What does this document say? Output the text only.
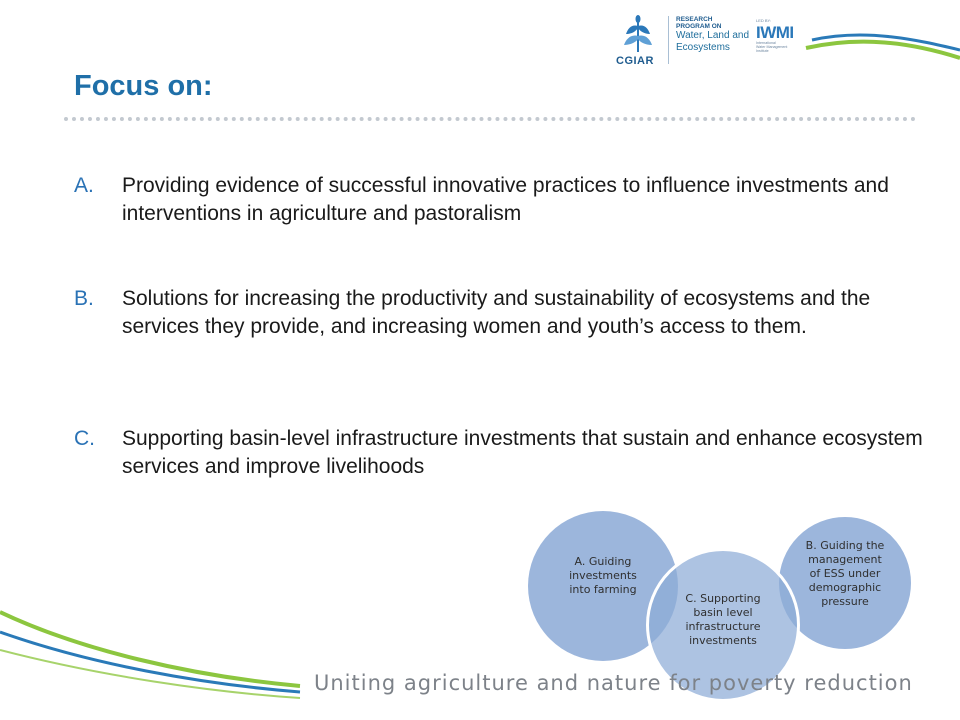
CGIAR
RESEARCH
PROGRAM ON
Water, Land and
Ecosystems
LED BY:
IWMI
International
Water Management
Institute
Focus on:

A. Providing evidence of successful innovative practices to influence investments and interventions in agriculture and pastoralism

B. Solutions for increasing the productivity and sustainability of ecosystems and the services they provide, and increasing women and youth’s access to them.

C. Supporting basin-level infrastructure investments that sustain and enhance ecosystem services and improve livelihoods

A. Guiding
investments
into farming
B. Guiding the
management
of ESS under
demographic
pressure
C. Supporting
basin level
infrastructure
investments
Uniting agriculture and nature for poverty reduction
